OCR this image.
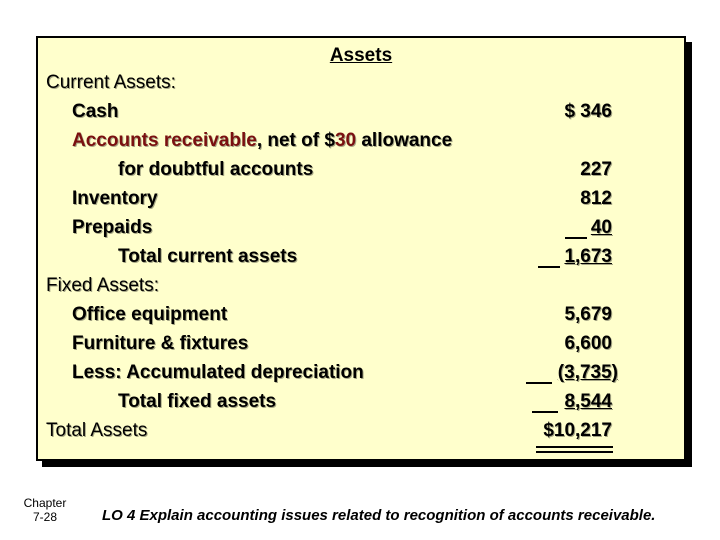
Assets
Current Assets:
Cash	$ 346
Accounts receivable, net of $30 allowance
for doubtful accounts	227
Inventory	812
Prepaids	40
Total current assets	1,673
Fixed Assets:
Office equipment	5,679
Furniture & fixtures	6,600
Less: Accumulated depreciation	(3,735)
Total fixed assets	8,544
Total Assets	$10,217
Chapter
7-28	LO 4 Explain accounting issues related to recognition of accounts receivable.
